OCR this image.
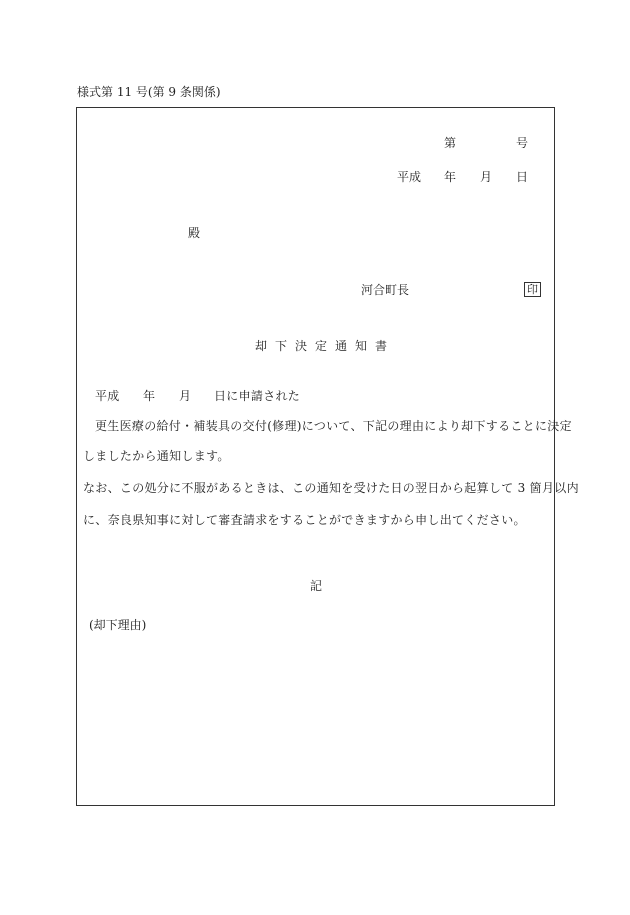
様式第 11 号(第 9 条関係)
第	号
平成 年 月 日
殿
河合町長	印
却下決定通知書
平成 年 月 日に申請された
更生医療の給付・補装具の交付(修理)について、下記の理由により却下することに決定
しましたから通知します。
なお、この処分に不服があるときは、この通知を受けた日の翌日から起算して 3 箇月以内
に、奈良県知事に対して審査請求をすることができますから申し出てください。
記
(却下理由)
